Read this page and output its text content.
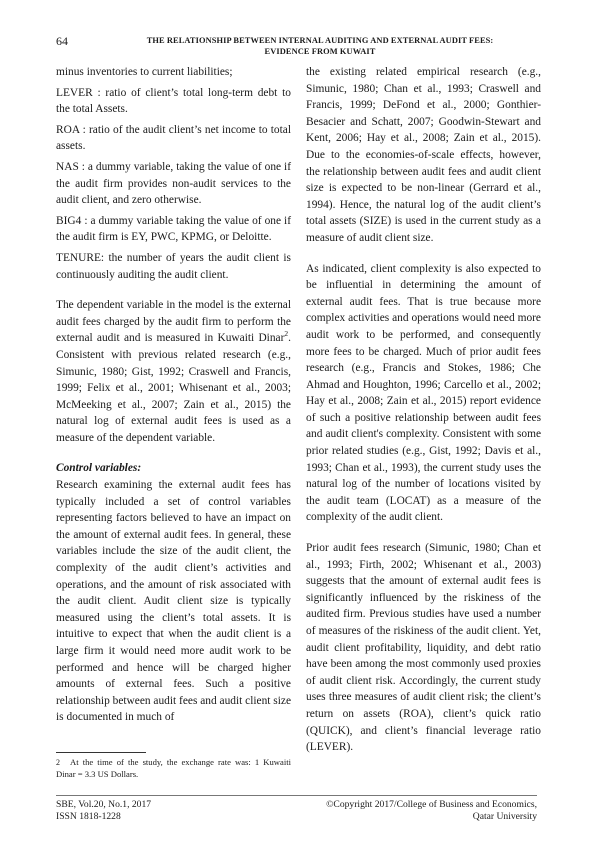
64	THE RELATIONSHIP BETWEEN INTERNAL AUDITING AND EXTERNAL AUDIT FEES:
EVIDENCE FROM KUWAIT

minus inventories to current liabilities;

LEVER : ratio of client’s total long-term debt to the total Assets.

ROA : ratio of the audit client’s net income to total assets.

NAS : a dummy variable, taking the value of one if the audit firm provides non-audit services to the audit client, and zero otherwise.

BIG4 : a dummy variable taking the value of one if the audit firm is EY, PWC, KPMG, or Deloitte.

TENURE: the number of years the audit client is continuously auditing the audit client.

The dependent variable in the model is the external audit fees charged by the audit firm to perform the external audit and is measured in Kuwaiti Dinar$^2$. Consistent with previous related research (e.g., Simunic, 1980; Gist, 1992; Craswell and Francis, 1999; Felix et al., 2001; Whisenant et al., 2003; McMeeking et al., 2007; Zain et al., 2015) the natural log of external audit fees is used as a measure of the dependent variable.

Control variables:

Research examining the external audit fees has typically included a set of control variables representing factors believed to have an impact on the amount of external audit fees. In general, these variables include the size of the audit client, the complexity of the audit client’s activities and operations, and the amount of risk associated with the audit client. Audit client size is typically measured using the client’s total assets. It is intuitive to expect that when the audit client is a large firm it would need more audit work to be performed and hence will be charged higher amounts of external fees. Such a positive relationship between audit fees and audit client size is documented in much of

the existing related empirical research (e.g., Simunic, 1980; Chan et al., 1993; Craswell and Francis, 1999; DeFond et al., 2000; Gonthier-Besacier and Schatt, 2007; Goodwin-Stewart and Kent, 2006; Hay et al., 2008; Zain et al., 2015). Due to the economies-of-scale effects, however, the relationship between audit fees and audit client size is expected to be non-linear (Gerrard et al., 1994). Hence, the natural log of the audit client’s total assets (SIZE) is used in the current study as a measure of audit client size.

As indicated, client complexity is also expected to be influential in determining the amount of external audit fees. That is true because more complex activities and operations would need more audit work to be performed, and consequently more fees to be charged. Much of prior audit fees research (e.g., Francis and Stokes, 1986; Che Ahmad and Houghton, 1996; Carcello et al., 2002; Hay et al., 2008; Zain et al., 2015) report evidence of such a positive relationship between audit fees and audit client's complexity. Consistent with some prior related studies (e.g., Gist, 1992; Davis et al., 1993; Chan et al., 1993), the current study uses the natural log of the number of locations visited by the audit team (LOCAT) as a measure of the complexity of the audit client.

Prior audit fees research (Simunic, 1980; Chan et al., 1993; Firth, 2002; Whisenant et al., 2003) suggests that the amount of external audit fees is significantly influenced by the riskiness of the audited firm. Previous studies have used a number of measures of the riskiness of the audit client. Yet, audit client profitability, liquidity, and debt ratio have been among the most commonly used proxies of audit client risk. Accordingly, the current study uses three measures of audit client risk; the client’s return on assets (ROA), client’s quick ratio (QUICK), and client’s financial leverage ratio (LEVER).

2 At the time of the study, the exchange rate was: 1 Kuwaiti Dinar = 3.3 US Dollars.
SBE, Vol.20, No.1, 2017
ISSN 1818-1228
©Copyright 2017/College of Business and Economics,
Qatar University
